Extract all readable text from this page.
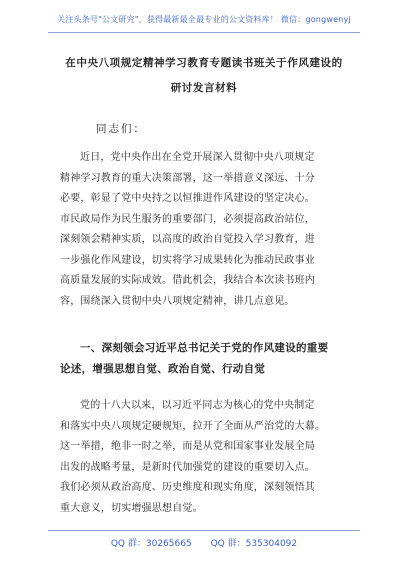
关注头条号"公文研究"，获得最新最全最专业的公文资料库！ 微信：gongwenyj
在中央八项规定精神学习教育专题读书班关于作风建设的
研讨发言材料
同志们：
近日，党中央作出在全党开展深入贯彻中央八项规定
精神学习教育的重大决策部署，这一举措意义深远、十分
必要，彰显了党中央持之以恒推进作风建设的坚定决心。
市民政局作为民生服务的重要部门，必须提高政治站位，
深刻领会精神实质，以高度的政治自觉投入学习教育，进
一步强化作风建设，切实将学习成果转化为推动民政事业
高质量发展的实际成效。借此机会，我结合本次读书班内
容，围绕深入贯彻中央八项规定精神，讲几点意见。
一、深刻领会习近平总书记关于党的作风建设的重要
论述，增强思想自觉、政治自觉、行动自觉
党的十八大以来，以习近平同志为核心的党中央制定
和落实中央八项规定硬规矩，拉开了全面从严治党的大幕。
这一举措，绝非一时之举，而是从党和国家事业发展全局
出发的战略考量，是新时代加强党的建设的重要切入点。
我们必须从政治高度、历史维度和现实角度，深刻领悟其
重大意义，切实增强思想自觉。
QQ 群：30265665 QQ 群：535304092
